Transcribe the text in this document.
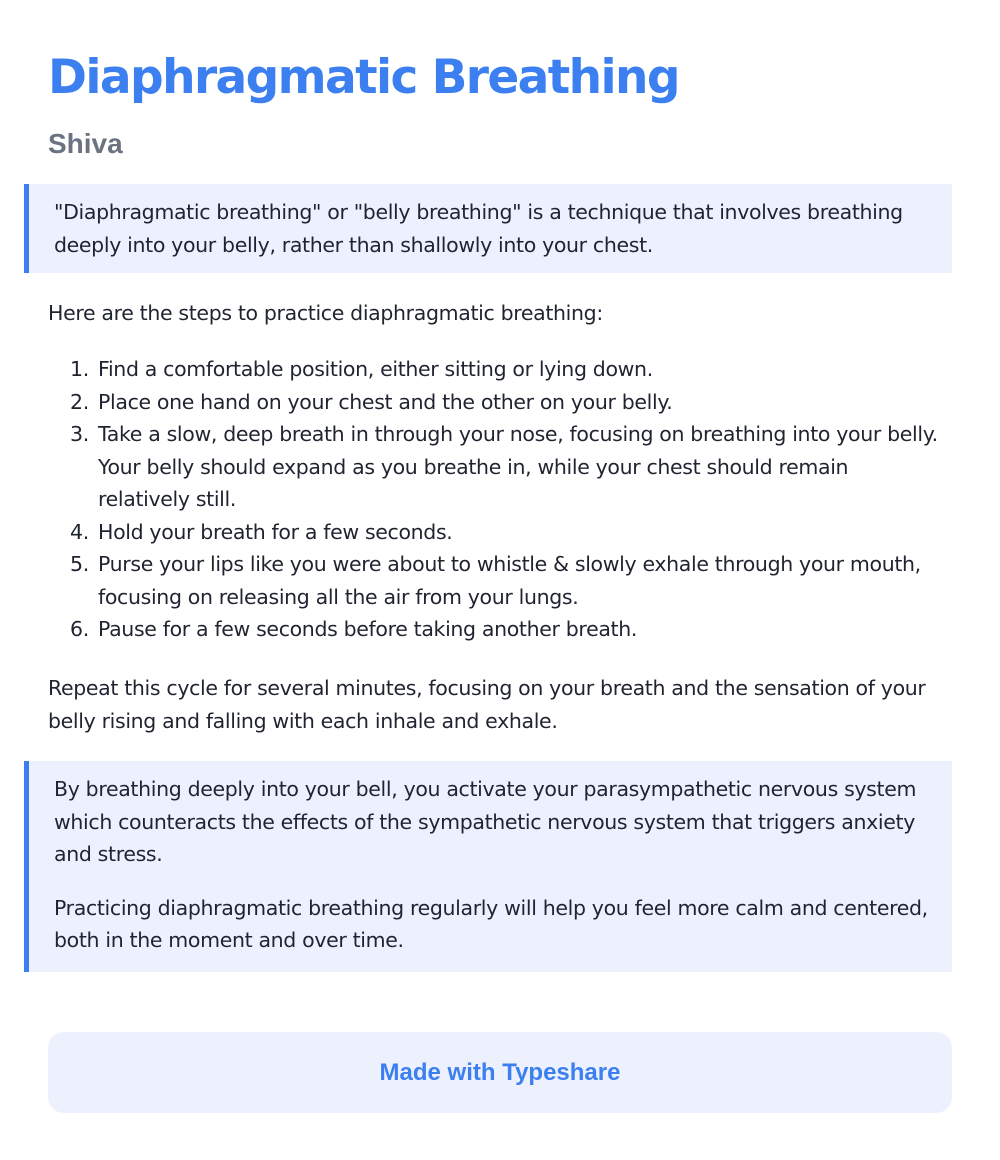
Diaphragmatic Breathing
Shiva

"Diaphragmatic breathing" or "belly breathing" is a technique that involves breathing deeply into your belly, rather than shallowly into your chest.

Here are the steps to practice diaphragmatic breathing:

1. Find a comfortable position, either sitting or lying down.
2. Place one hand on your chest and the other on your belly.
3. Take a slow, deep breath in through your nose, focusing on breathing into your belly. Your belly should expand as you breathe in, while your chest should remain relatively still.
4. Hold your breath for a few seconds.
5. Purse your lips like you were about to whistle & slowly exhale through your mouth, focusing on releasing all the air from your lungs.
6. Pause for a few seconds before taking another breath.

Repeat this cycle for several minutes, focusing on your breath and the sensation of your belly rising and falling with each inhale and exhale.

By breathing deeply into your bell, you activate your parasympathetic nervous system which counteracts the effects of the sympathetic nervous system that triggers anxiety and stress.

Practicing diaphragmatic breathing regularly will help you feel more calm and centered, both in the moment and over time.

Made with Typeshare
